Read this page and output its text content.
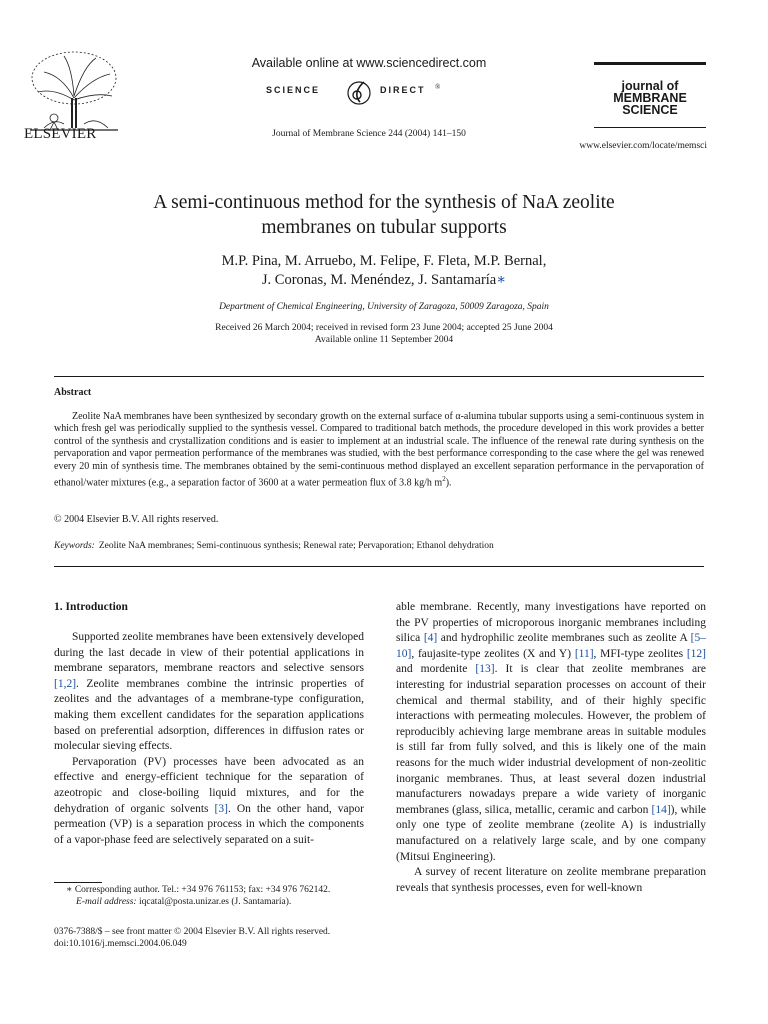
ELSEVIER
Available online at www.sciencedirect.com
SCIENCE	DIRECT ®
Journal of Membrane Science 244 (2004) 141–150
journal of
MEMBRANE
SCIENCE
www.elsevier.com/locate/memsci
A semi-continuous method for the synthesis of NaA zeolite
membranes on tubular supports
M.P. Pina, M. Arruebo, M. Felipe, F. Fleta, M.P. Bernal,
J. Coronas, M. Menéndez, J. Santamaría∗
Department of Chemical Engineering, University of Zaragoza, 50009 Zaragoza, Spain
Received 26 March 2004; received in revised form 23 June 2004; accepted 25 June 2004
Available online 11 September 2004
Abstract

Zeolite NaA membranes have been synthesized by secondary growth on the external surface of α-alumina tubular supports using a semi-continuous system in which fresh gel was periodically supplied to the synthesis vessel. Compared to traditional batch methods, the procedure developed in this work provides a better control of the synthesis and crystallization conditions and is easier to implement at an industrial scale. The influence of the renewal rate during synthesis on the pervaporation and vapor permeation performance of the membranes was studied, with the best performance corresponding to the case where the gel was renewed every 20 min of synthesis time. The membranes obtained by the semi-continuous method displayed an excellent separation performance in the pervaporation of ethanol/water mixtures (e.g., a separation factor of 3600 at a water permeation flux of 3.8 kg/h $m^2$).

© 2004 Elsevier B.V. All rights reserved.
Keywords: Zeolite NaA membranes; Semi-continuous synthesis; Renewal rate; Pervaporation; Ethanol dehydration
1. Introduction

Supported zeolite membranes have been extensively developed during the last decade in view of their potential applications in membrane separators, membrane reactors and selective sensors [1,2]. Zeolite membranes combine the intrinsic properties of zeolites and the advantages of a membrane-type configuration, making them excellent candidates for the separation applications based on preferential adsorption, differences in diffusion rates or molecular sieving effects.

Pervaporation (PV) processes have been advocated as an effective and energy-efficient technique for the separation of azeotropic and close-boiling liquid mixtures, and for the dehydration of organic solvents [3]. On the other hand, vapor permeation (VP) is a separation process in which the components of a vapor-phase feed are selectively separated on a suit-

able membrane. Recently, many investigations have reported on the PV properties of microporous inorganic membranes including silica [4] and hydrophilic zeolite membranes such as zeolite A [5–10], faujasite-type zeolites (X and Y) [11], MFI-type zeolites [12] and mordenite [13]. It is clear that zeolite membranes are interesting for industrial separation processes on account of their chemical and thermal stability, and of their highly specific interactions with permeating molecules. However, the problem of reproducibly achieving large membrane areas in suitable modules is still far from fully solved, and this is likely one of the main reasons for the much wider industrial development of non-zeolitic inorganic membranes. Thus, at least several dozen industrial manufacturers nowadays prepare a wide variety of inorganic membranes (glass, silica, metallic, ceramic and carbon [14]), while only one type of zeolite membrane (zeolite A) is industrially manufactured on a relatively large scale, and by one company (Mitsui Engineering).

A survey of recent literature on zeolite membrane preparation reveals that synthesis processes, even for well-known

∗ Corresponding author. Tel.: +34 976 761153; fax: +34 976 762142.
E-mail address: iqcatal@posta.unizar.es (J. Santamaría).
0376-7388/$ – see front matter © 2004 Elsevier B.V. All rights reserved.
doi:10.1016/j.memsci.2004.06.049
